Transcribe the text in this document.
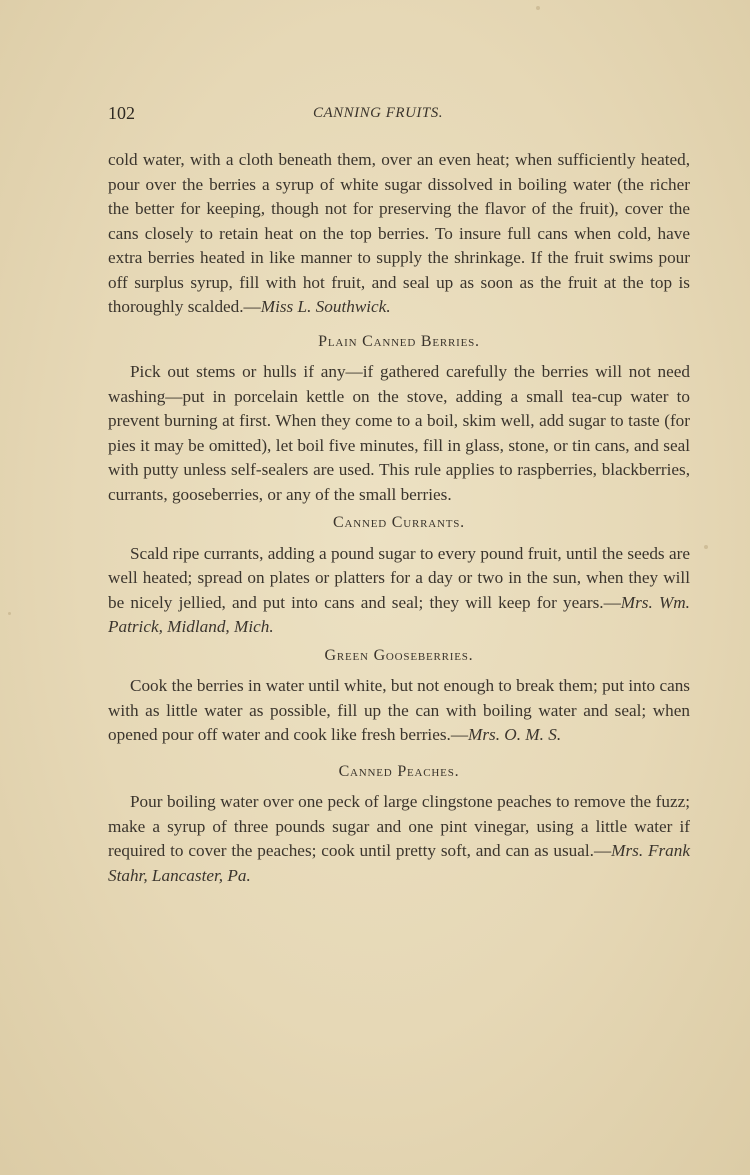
102	CANNING FRUITS.

cold water, with a cloth beneath them, over an even heat; when sufficiently heated, pour over the berries a syrup of white sugar dissolved in boiling water (the richer the better for keeping, though not for preserving the flavor of the fruit), cover the cans closely to retain heat on the top berries. To insure full cans when cold, have extra berries heated in like manner to supply the shrinkage. If the fruit swims pour off surplus syrup, fill with hot fruit, and seal up as soon as the fruit at the top is thoroughly scalded.—Miss L. Southwick.

Plain Canned Berries.

Pick out stems or hulls if any—if gathered carefully the berries will not need washing—put in porcelain kettle on the stove, adding a small tea-cup water to prevent burning at first. When they come to a boil, skim well, add sugar to taste (for pies it may be omitted), let boil five minutes, fill in glass, stone, or tin cans, and seal with putty unless self-sealers are used. This rule applies to raspberries, blackberries, currants, gooseberries, or any of the small berries.

Canned Currants.

Scald ripe currants, adding a pound sugar to every pound fruit, until the seeds are well heated; spread on plates or platters for a day or two in the sun, when they will be nicely jellied, and put into cans and seal; they will keep for years.—Mrs. Wm. Patrick, Midland, Mich.

Green Gooseberries.

Cook the berries in water until white, but not enough to break them; put into cans with as little water as possible, fill up the can with boiling water and seal; when opened pour off water and cook like fresh berries.—Mrs. O. M. S.

Canned Peaches.

Pour boiling water over one peck of large clingstone peaches to remove the fuzz; make a syrup of three pounds sugar and one pint vinegar, using a little water if required to cover the peaches; cook until pretty soft, and can as usual.—Mrs. Frank Stahr, Lancaster, Pa.
